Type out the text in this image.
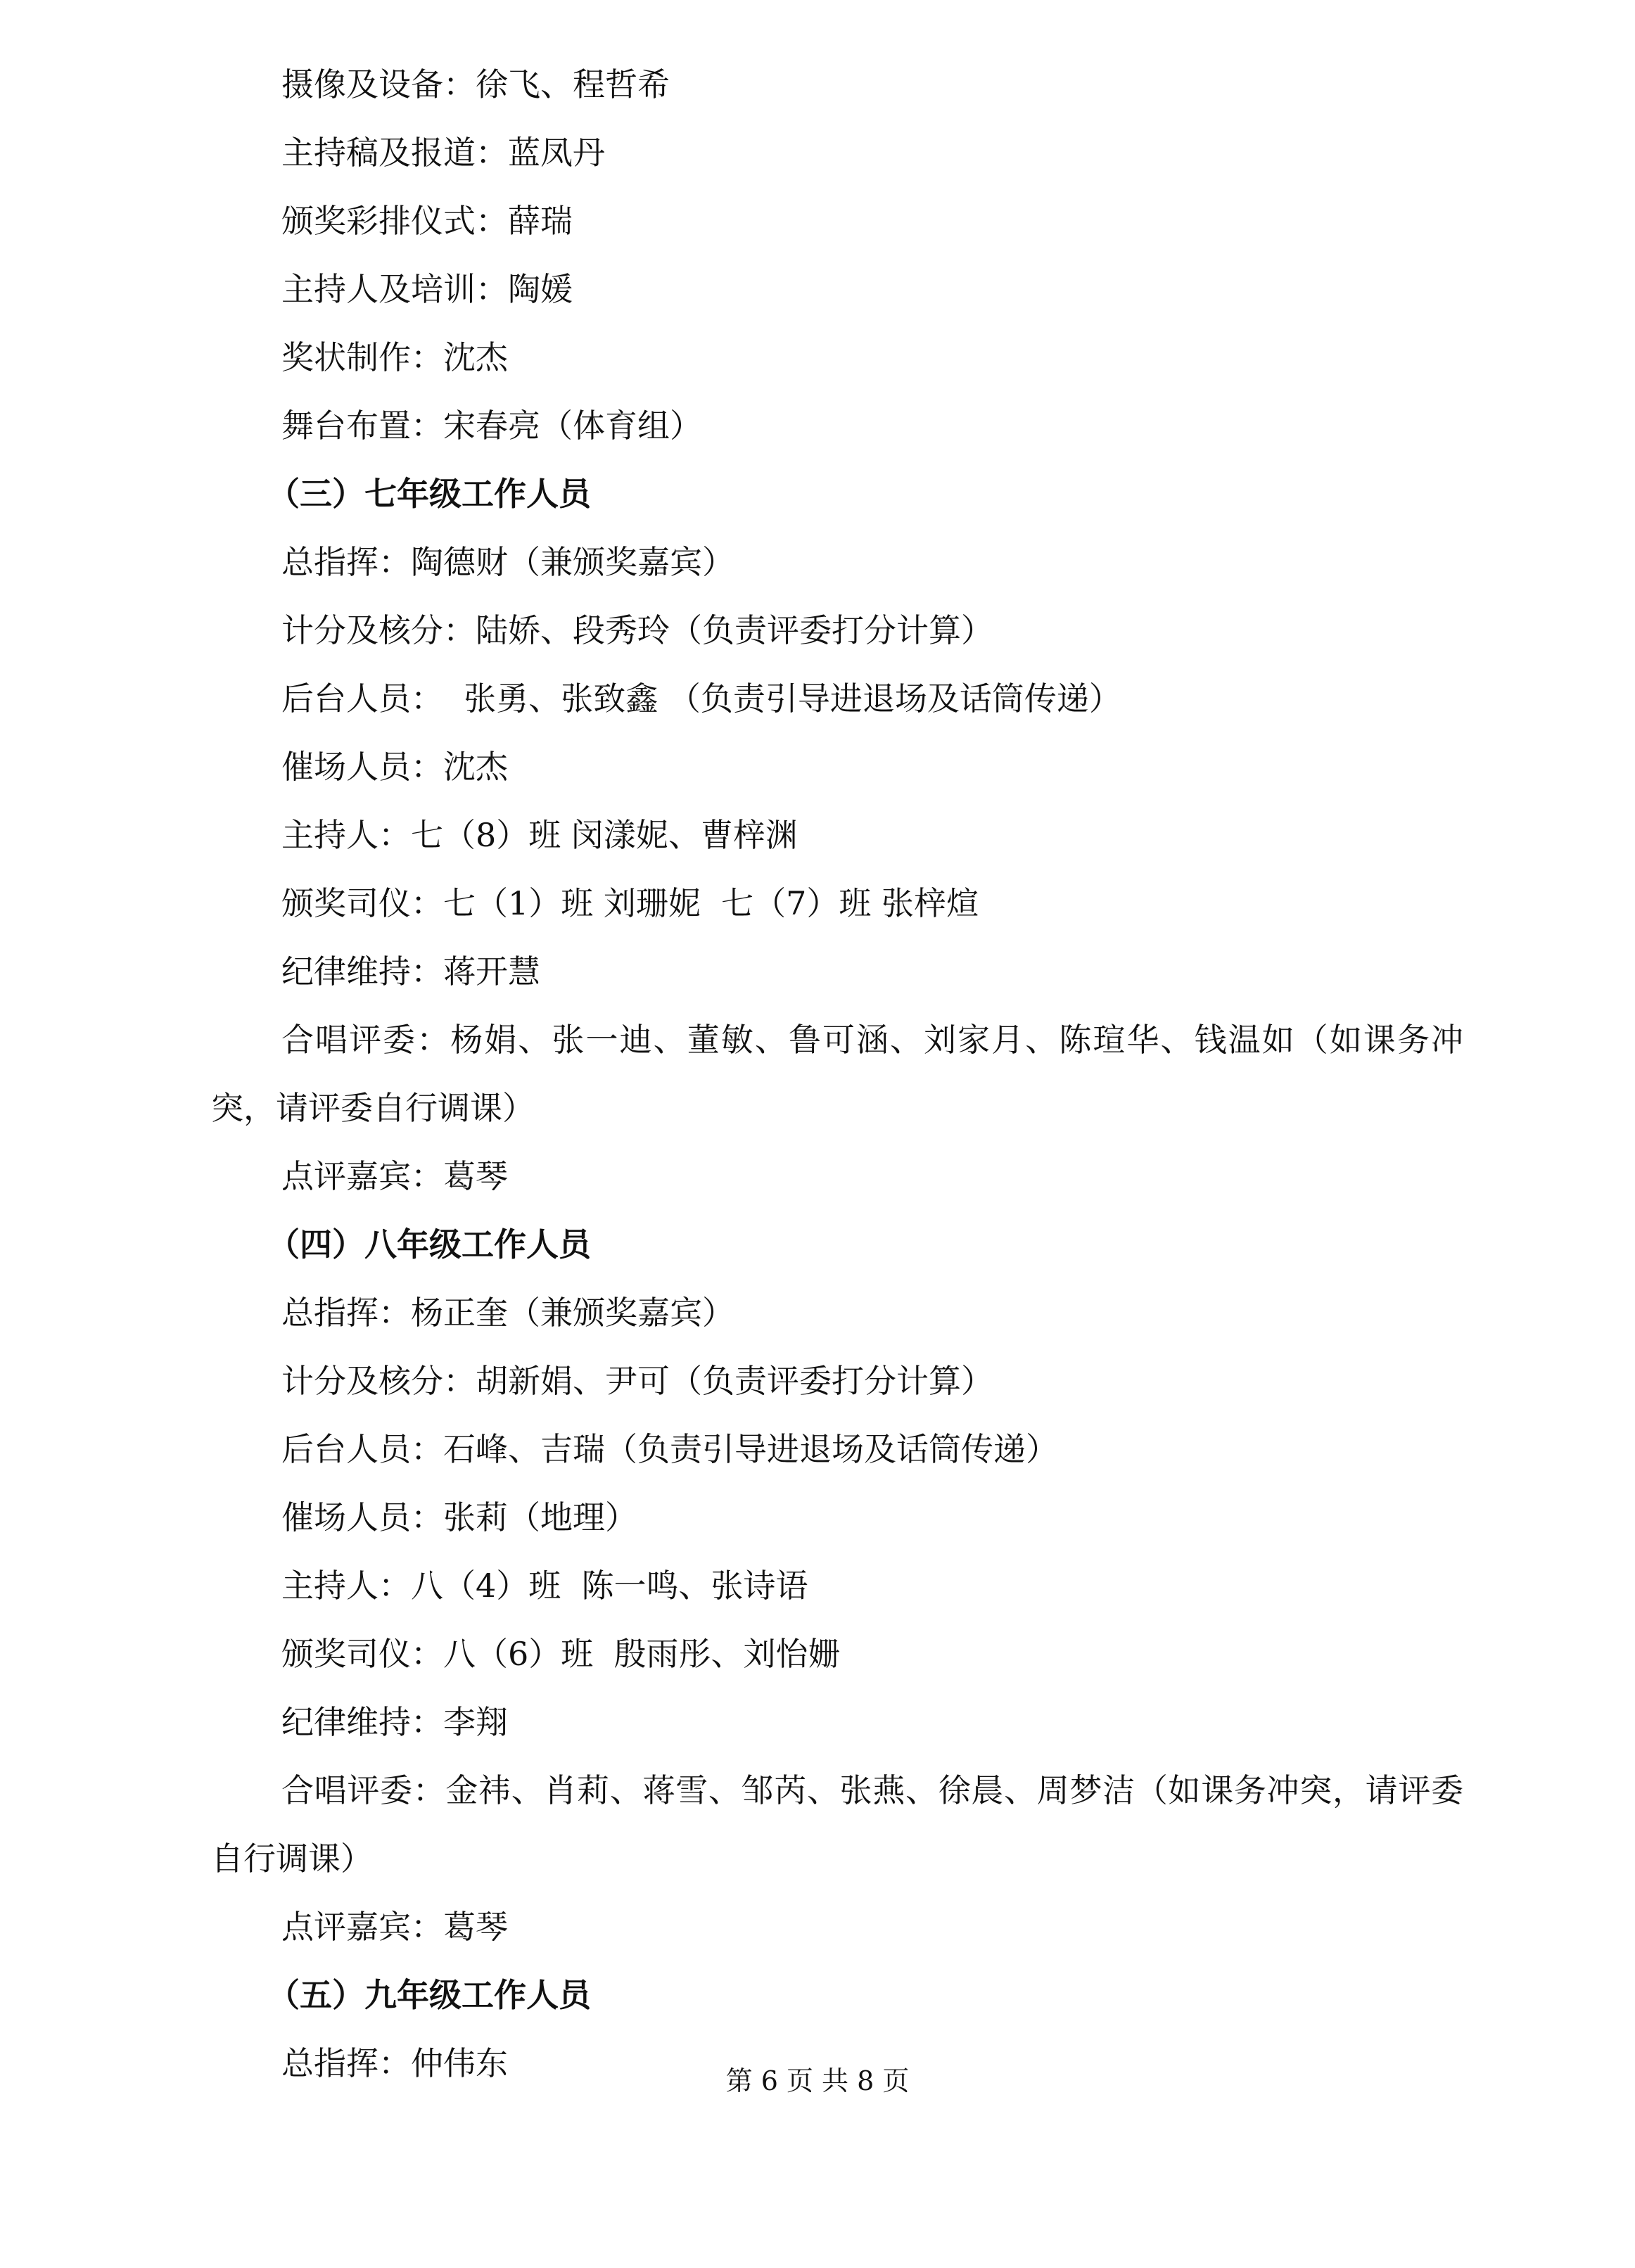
摄像及设备：徐飞、程哲希
主持稿及报道：蓝凤丹
颁奖彩排仪式：薛瑞
主持人及培训：陶媛
奖状制作：沈杰
舞台布置：宋春亮（体育组）
（三）七年级工作人员
总指挥：陶德财（兼颁奖嘉宾）
计分及核分：陆娇、段秀玲（负责评委打分计算）
后台人员：  张勇、张致鑫 （负责引导进退场及话筒传递）
催场人员：沈杰
主持人：七（8）班 闵漾妮、曹梓渊
颁奖司仪：七（1）班 刘珊妮  七（7）班 张梓煊
纪律维持：蒋开慧
合唱评委：杨娟、张一迪、董敏、鲁可涵、刘家月、陈瑄华、钱温如（如课务冲突，请评委自行调课）
点评嘉宾：葛琴
（四）八年级工作人员
总指挥：杨正奎（兼颁奖嘉宾）
计分及核分：胡新娟、尹可（负责评委打分计算）
后台人员：石峰、吉瑞（负责引导进退场及话筒传递）
催场人员：张莉（地理）
主持人：八（4）班  陈一鸣、张诗语
颁奖司仪：八（6）班  殷雨彤、刘怡姗
纪律维持：李翔
合唱评委：金祎、肖莉、蒋雪、邹芮、张燕、徐晨、周梦洁（如课务冲突，请评委自行调课）
点评嘉宾：葛琴
（五）九年级工作人员
总指挥：仲伟东	第 6 页 共 8 页
